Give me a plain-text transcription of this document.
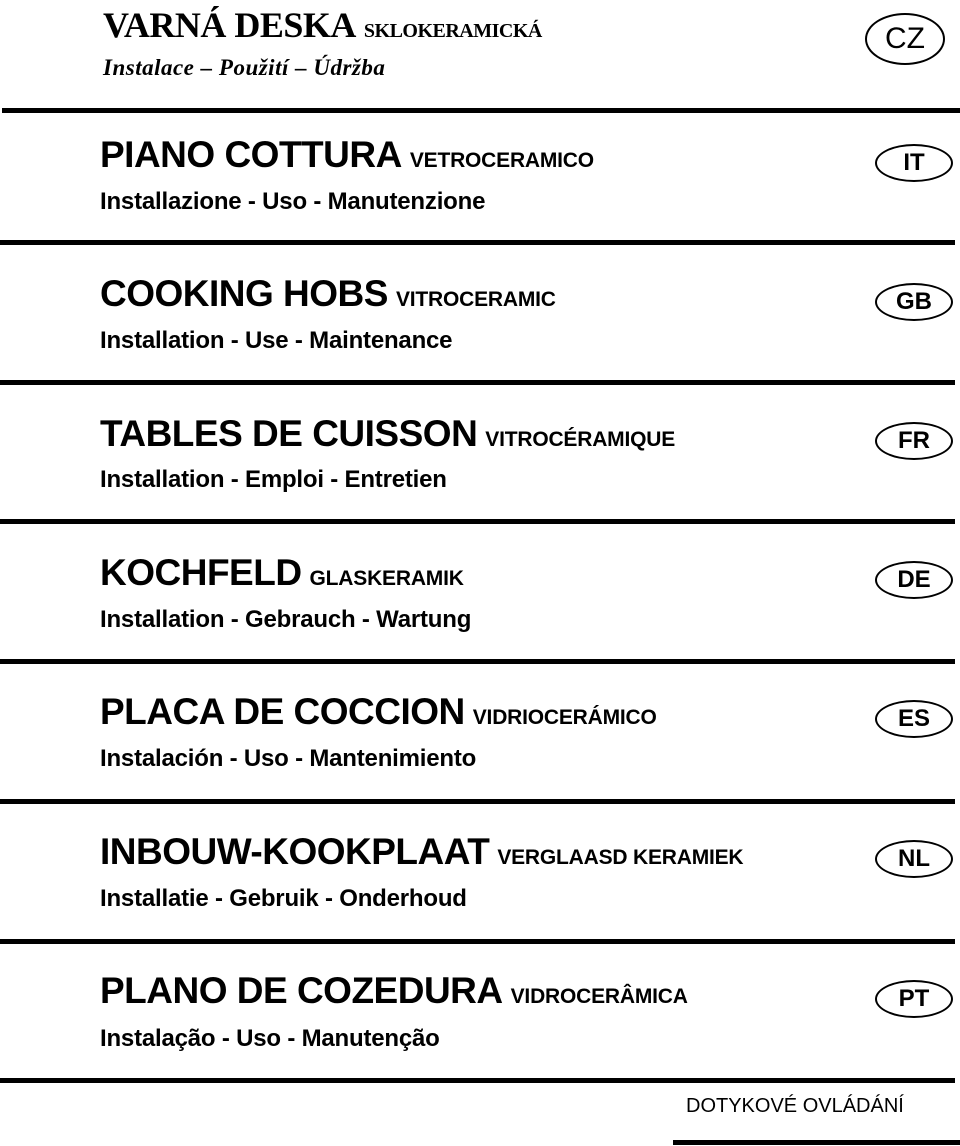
VARNÁ DESKA SKLOKERAMICKÁ
Instalace – Použití – Údržba
CZ
PIANO COTTURA VETROCERAMICO
Installazione - Uso - Manutenzione
IT
COOKING HOBS VITROCERAMIC
Installation - Use - Maintenance
GB
TABLES DE CUISSON VITROCÉRAMIQUE
Installation - Emploi - Entretien
FR
KOCHFELD GLASKERAMIK
Installation - Gebrauch - Wartung
DE
PLACA DE COCCION VIDRIOCERÁMICO
Instalación - Uso - Mantenimiento
ES
INBOUW-KOOKPLAAT VERGLAASD KERAMIEK
Installatie - Gebruik - Onderhoud
NL
PLANO DE COZEDURA VIDROCERÂMICA
Instalação - Uso - Manutenção
PT
DOTYKOVÉ OVLÁDÁNÍ
